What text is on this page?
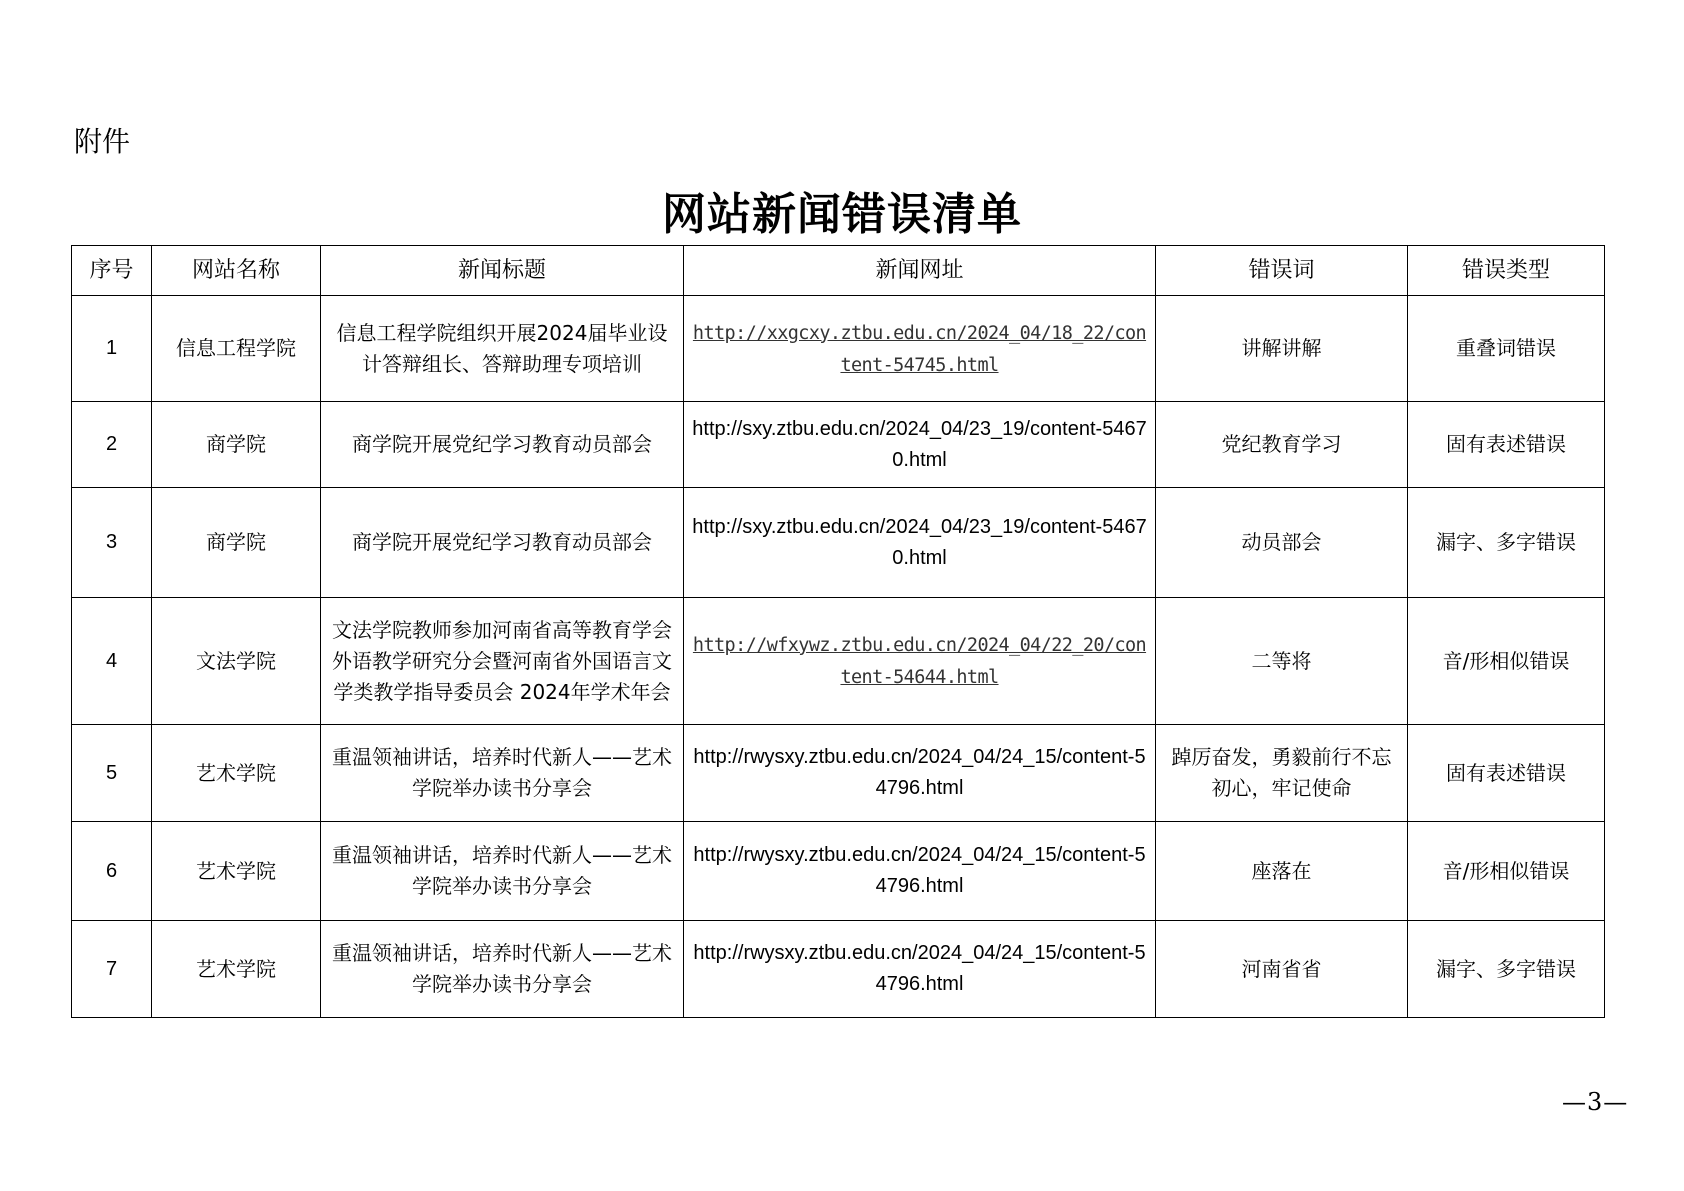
附件
网站新闻错误清单
序号	网站名称	新闻标题	新闻网址	错误词	错误类型
1	信息工程学院	信息工程学院组织开展2024届毕业设计答辩组长、答辩助理专项培训	http://xxgcxy.ztbu.edu.cn/2024_04/18_22/content-54745.html	讲解讲解	重叠词错误
2	商学院	商学院开展党纪学习教育动员部会	http://sxy.ztbu.edu.cn/2024_04/23_19/content-54670.html	党纪教育学习	固有表述错误
3	商学院	商学院开展党纪学习教育动员部会	http://sxy.ztbu.edu.cn/2024_04/23_19/content-54670.html	动员部会	漏字、多字错误
4	文法学院	文法学院教师参加河南省高等教育学会外语教学研究分会暨河南省外国语言文学类教学指导委员会 2024年学术年会	http://wfxywz.ztbu.edu.cn/2024_04/22_20/content-54644.html	二等将	音/形相似错误
5	艺术学院	重温领袖讲话，培养时代新人——艺术学院举办读书分享会	http://rwysxy.ztbu.edu.cn/2024_04/24_15/content-54796.html	踔厉奋发，勇毅前行不忘初心，牢记使命	固有表述错误
6	艺术学院	重温领袖讲话，培养时代新人——艺术学院举办读书分享会	http://rwysxy.ztbu.edu.cn/2024_04/24_15/content-54796.html	座落在	音/形相似错误
7	艺术学院	重温领袖讲话，培养时代新人——艺术学院举办读书分享会	http://rwysxy.ztbu.edu.cn/2024_04/24_15/content-54796.html	河南省省	漏字、多字错误
—3—
